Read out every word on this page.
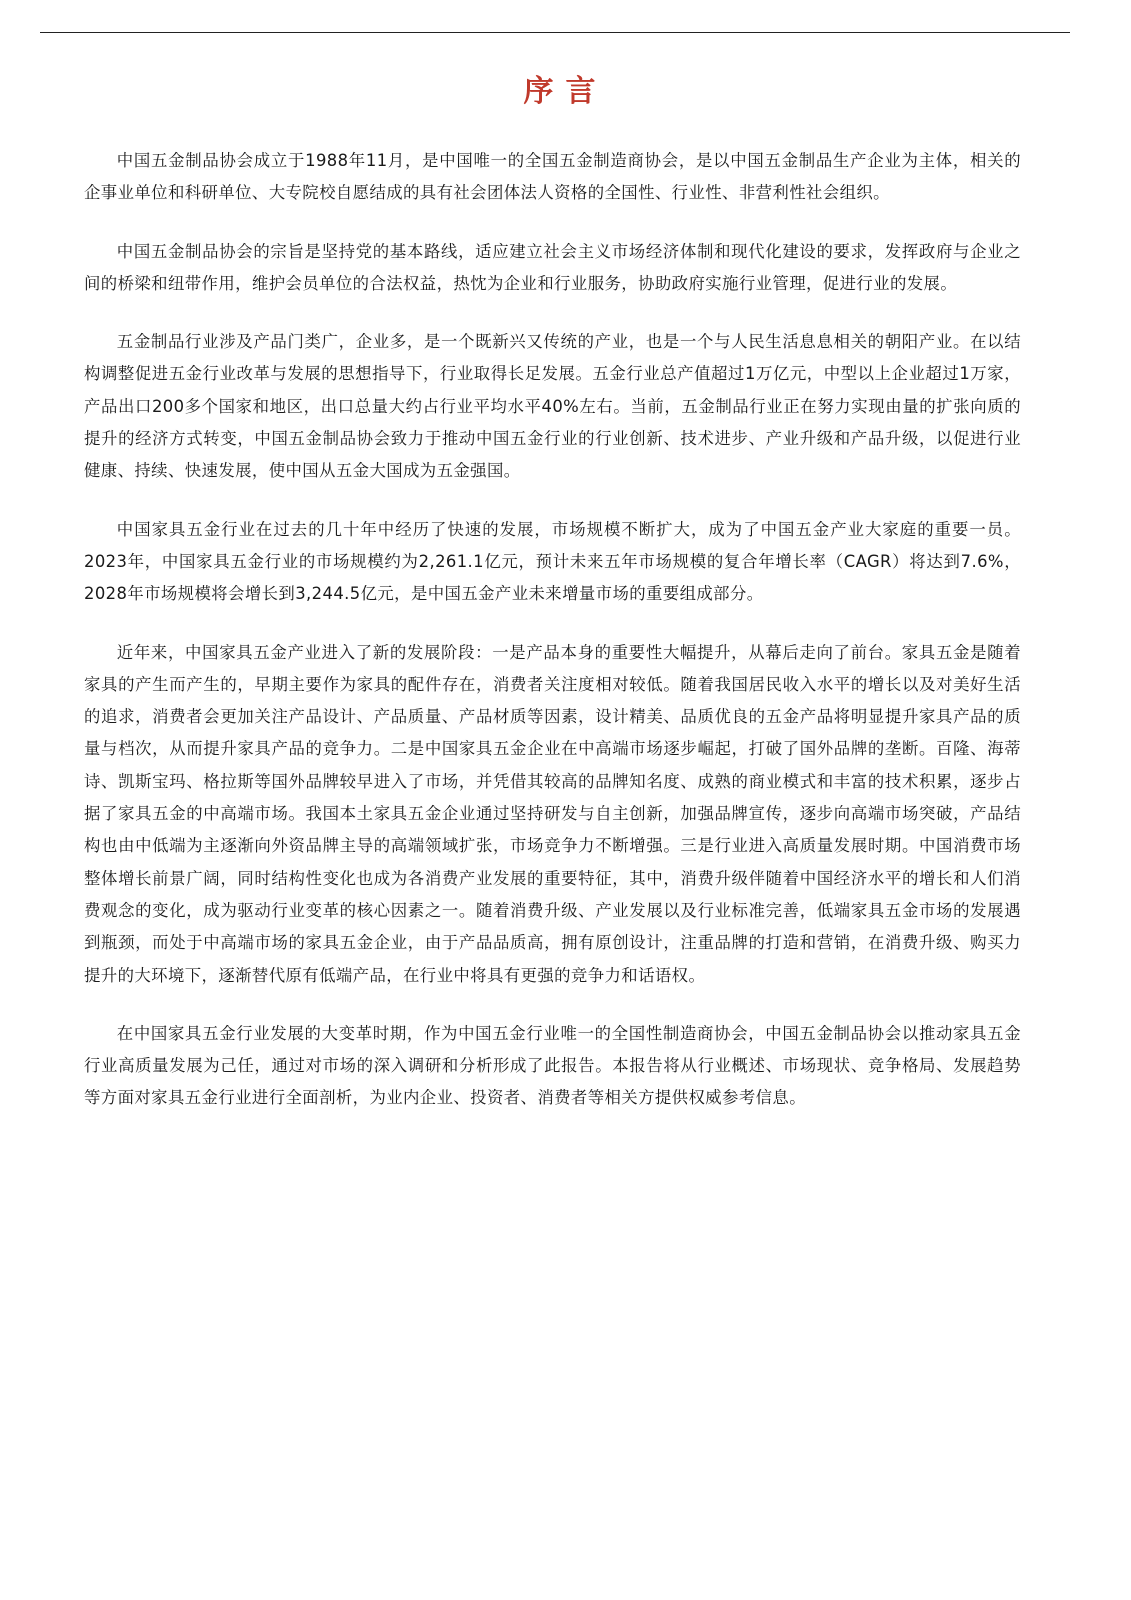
序言

中国五金制品协会成立于1988年11月，是中国唯一的全国五金制造商协会，是以中国五金制品生产企业为主体，相关的企事业单位和科研单位、大专院校自愿结成的具有社会团体法人资格的全国性、行业性、非营利性社会组织。

中国五金制品协会的宗旨是坚持党的基本路线，适应建立社会主义市场经济体制和现代化建设的要求，发挥政府与企业之间的桥梁和纽带作用，维护会员单位的合法权益，热忱为企业和行业服务，协助政府实施行业管理，促进行业的发展。

五金制品行业涉及产品门类广，企业多，是一个既新兴又传统的产业，也是一个与人民生活息息相关的朝阳产业。在以结构调整促进五金行业改革与发展的思想指导下，行业取得长足发展。五金行业总产值超过1万亿元，中型以上企业超过1万家，产品出口200多个国家和地区，出口总量大约占行业平均水平40%左右。当前，五金制品行业正在努力实现由量的扩张向质的提升的经济方式转变，中国五金制品协会致力于推动中国五金行业的行业创新、技术进步、产业升级和产品升级，以促进行业健康、持续、快速发展，使中国从五金大国成为五金强国。

中国家具五金行业在过去的几十年中经历了快速的发展，市场规模不断扩大，成为了中国五金产业大家庭的重要一员。2023年，中国家具五金行业的市场规模约为2,261.1亿元，预计未来五年市场规模的复合年增长率（CAGR）将达到7.6%，2028年市场规模将会增长到3,244.5亿元，是中国五金产业未来增量市场的重要组成部分。

近年来，中国家具五金产业进入了新的发展阶段：一是产品本身的重要性大幅提升，从幕后走向了前台。家具五金是随着家具的产生而产生的，早期主要作为家具的配件存在，消费者关注度相对较低。随着我国居民收入水平的增长以及对美好生活的追求，消费者会更加关注产品设计、产品质量、产品材质等因素，设计精美、品质优良的五金产品将明显提升家具产品的质量与档次，从而提升家具产品的竞争力。二是中国家具五金企业在中高端市场逐步崛起，打破了国外品牌的垄断。百隆、海蒂诗、凯斯宝玛、格拉斯等国外品牌较早进入了市场，并凭借其较高的品牌知名度、成熟的商业模式和丰富的技术积累，逐步占据了家具五金的中高端市场。我国本土家具五金企业通过坚持研发与自主创新，加强品牌宣传，逐步向高端市场突破，产品结构也由中低端为主逐渐向外资品牌主导的高端领域扩张，市场竞争力不断增强。三是行业进入高质量发展时期。中国消费市场整体增长前景广阔，同时结构性变化也成为各消费产业发展的重要特征，其中，消费升级伴随着中国经济水平的增长和人们消费观念的变化，成为驱动行业变革的核心因素之一。随着消费升级、产业发展以及行业标准完善，低端家具五金市场的发展遇到瓶颈，而处于中高端市场的家具五金企业，由于产品品质高，拥有原创设计，注重品牌的打造和营销，在消费升级、购买力提升的大环境下，逐渐替代原有低端产品，在行业中将具有更强的竞争力和话语权。

在中国家具五金行业发展的大变革时期，作为中国五金行业唯一的全国性制造商协会，中国五金制品协会以推动家具五金行业高质量发展为己任，通过对市场的深入调研和分析形成了此报告。本报告将从行业概述、市场现状、竞争格局、发展趋势等方面对家具五金行业进行全面剖析，为业内企业、投资者、消费者等相关方提供权威参考信息。
